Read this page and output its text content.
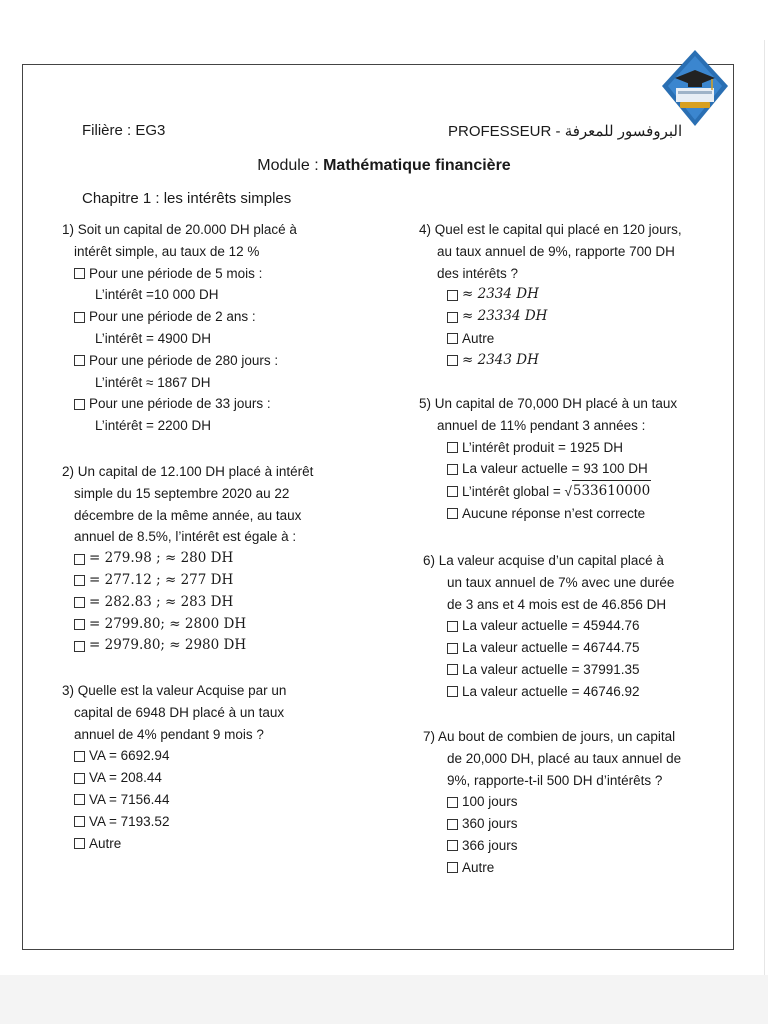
Filière : EG3	PROFESSEUR - البروفسور للمعرفة
Module : Mathématique financière
Chapitre 1 : les intérêts simples
1) Soit un capital de 20.000 DH placé à
intérêt simple, au taux de 12 %
Pour une période de 5 mois :
L’intérêt =10 000 DH
Pour une période de 2 ans :
L’intérêt = 4900 DH
Pour une période de 280 jours :
L’intérêt ≈ 1867 DH
Pour une période de 33 jours :
L’intérêt = 2200 DH
2) Un capital de 12.100 DH placé à intérêt
simple du 15 septembre 2020 au 22
décembre de la même année, au taux
annuel de 8.5%, l’intérêt est égale à :
= 279.98 ; ≈ 280 DH
= 277.12 ; ≈ 277 DH
= 282.83 ; ≈ 283 DH
= 2799.80; ≈ 2800 DH
= 2979.80; ≈ 2980 DH
3) Quelle est la valeur Acquise par un
capital de 6948 DH placé à un taux
annuel de 4% pendant 9 mois ?
VA = 6692.94
VA = 208.44
VA = 7156.44
VA = 7193.52
Autre
4) Quel est le capital qui placé en 120 jours,
au taux annuel de 9%, rapporte 700 DH
des intérêts ?
≈ 2334 DH
≈ 23334 DH
Autre
≈ 2343 DH
5) Un capital de 70,000 DH placé à un taux
annuel de 11% pendant 3 années :
L’intérêt produit = 1925 DH
La valeur actuelle = 93 100 DH
L’intérêt global = √ 533610000
Aucune réponse n’est correcte
6) La valeur acquise d’un capital placé à
un taux annuel de 7% avec une durée
de 3 ans et 4 mois est de 46.856 DH
La valeur actuelle = 45944.76
La valeur actuelle = 46744.75
La valeur actuelle = 37991.35
La valeur actuelle = 46746.92
7) Au bout de combien de jours, un capital
de 20,000 DH, placé au taux annuel de
9%, rapporte-t-il 500 DH d’intérêts ?
100 jours
360 jours
366 jours
Autre
